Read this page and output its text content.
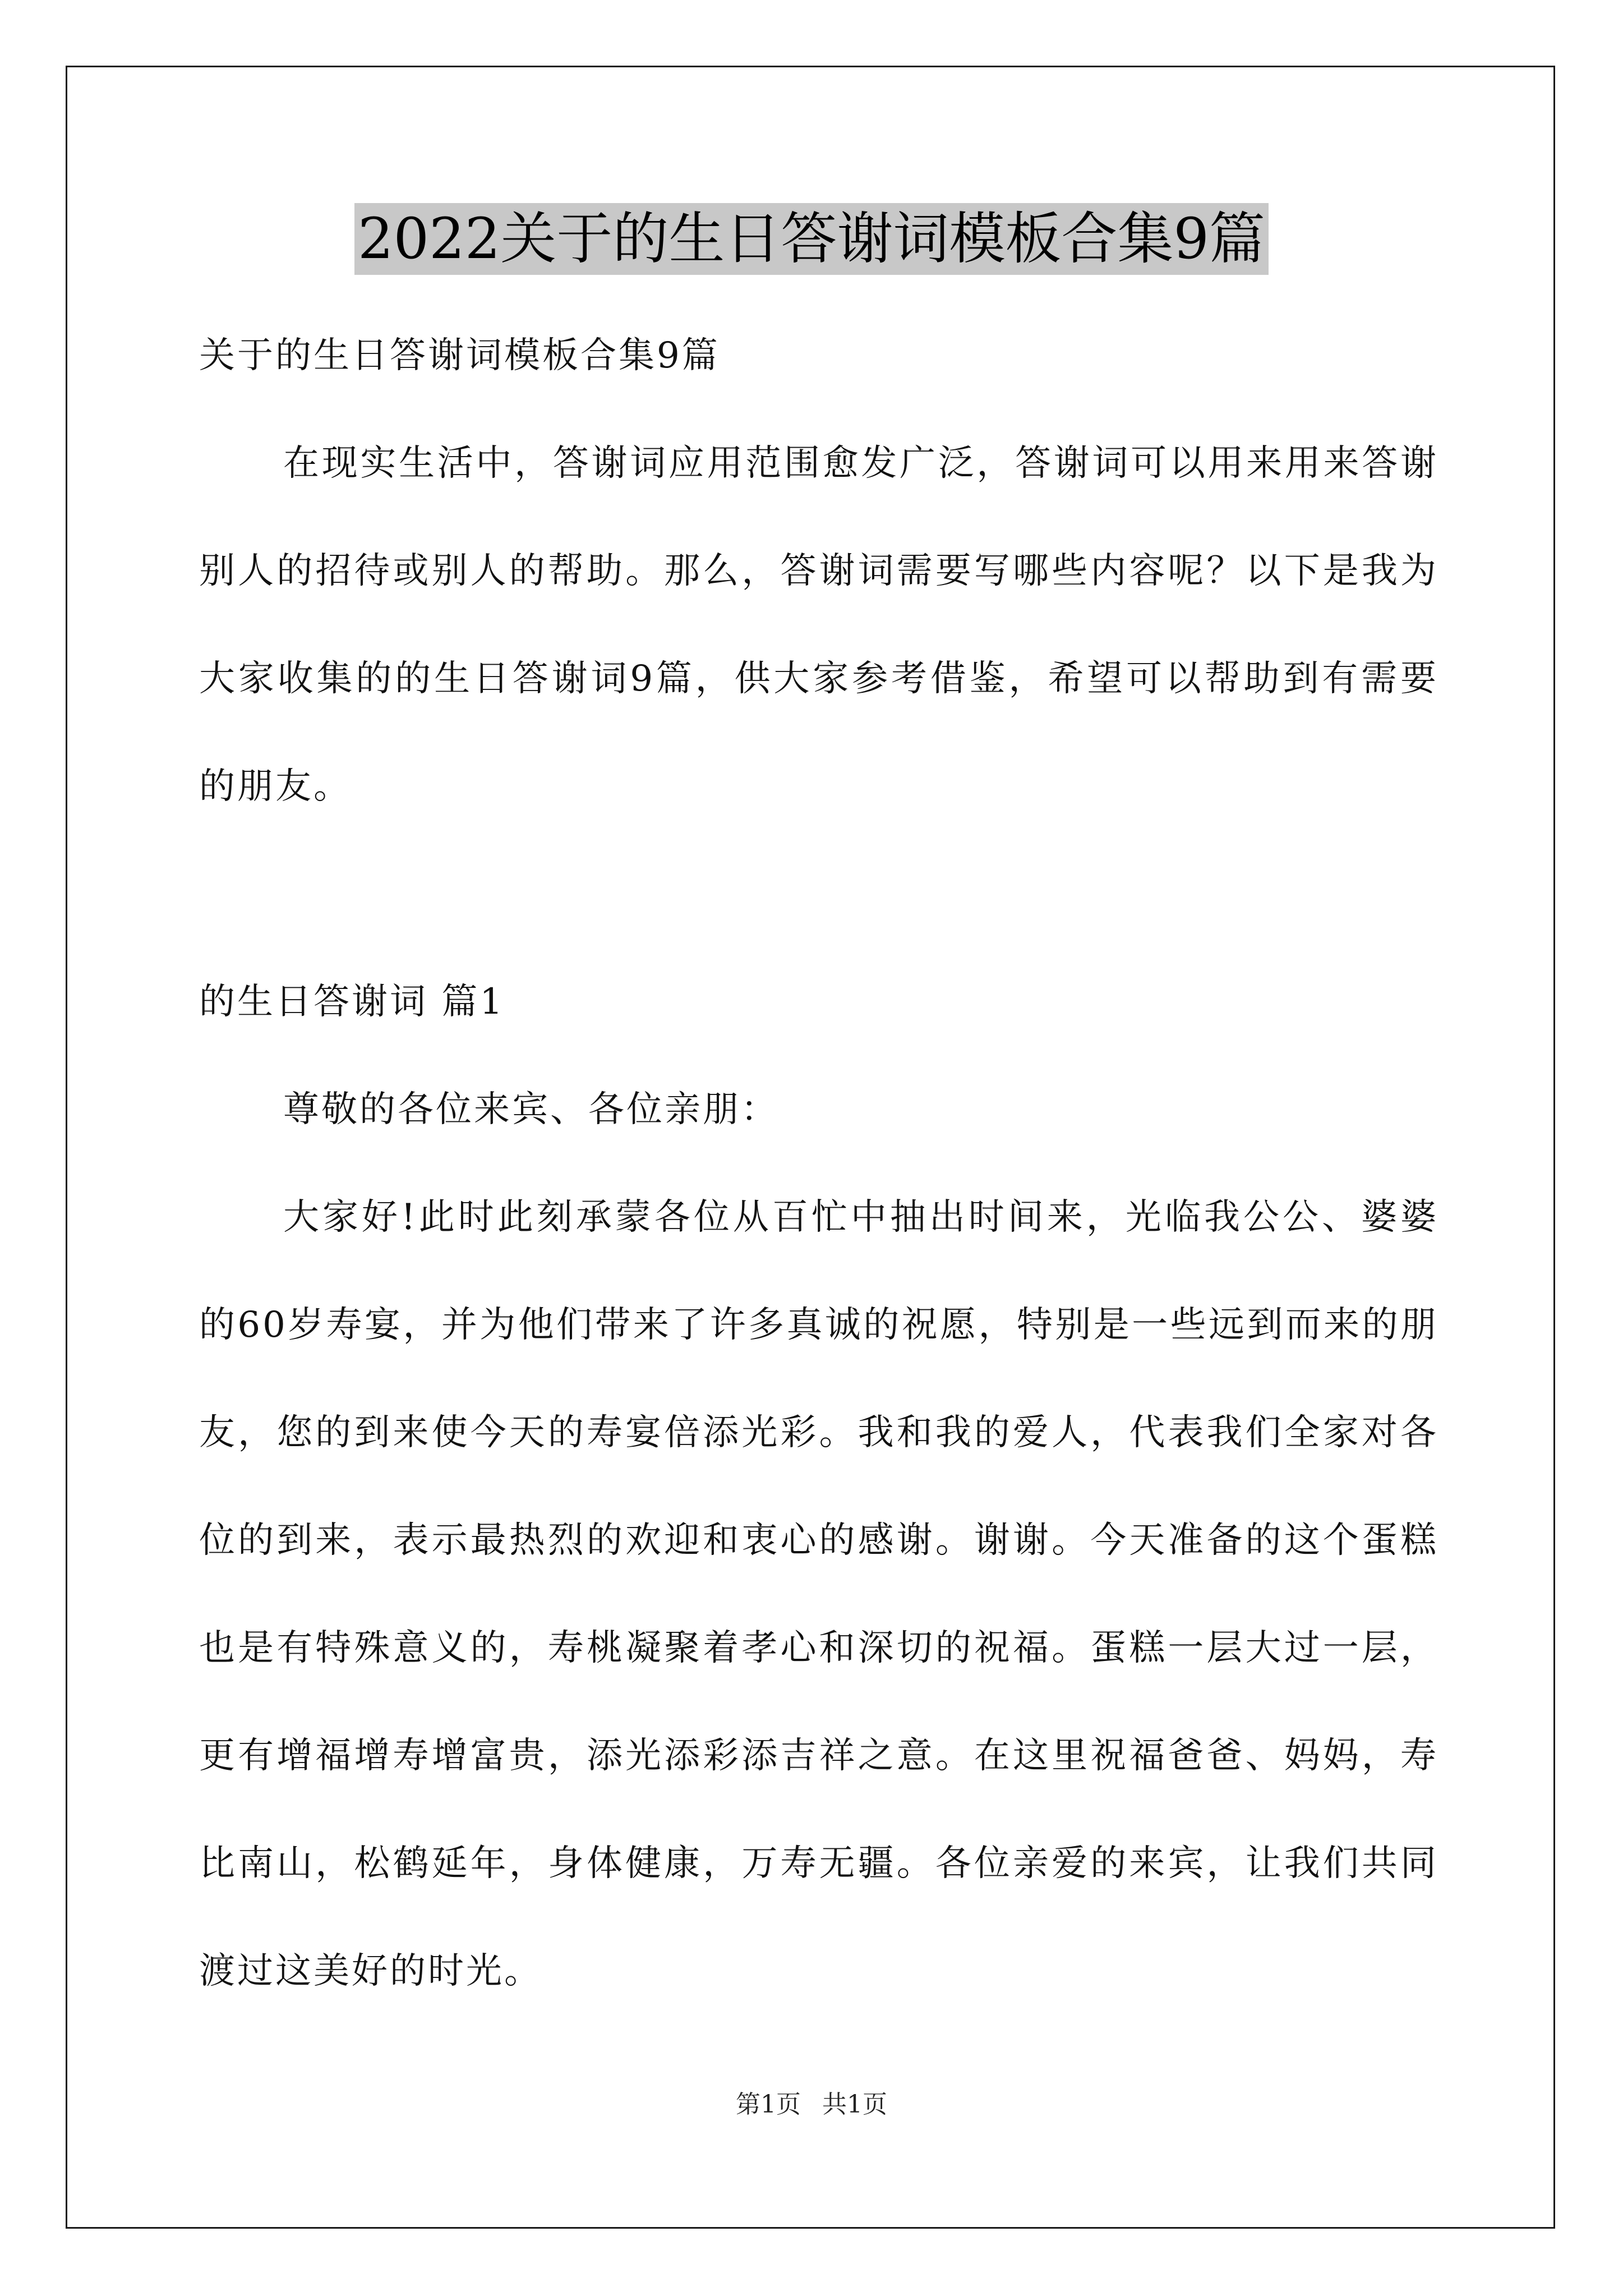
2022关于的生日答谢词模板合集9篇

关于的生日答谢词模板合集9篇

在现实生活中，答谢词应用范围愈发广泛，答谢词可以用来用来答谢别人的招待或别人的帮助。那么，答谢词需要写哪些内容呢？以下是我为大家收集的的生日答谢词9篇，供大家参考借鉴，希望可以帮助到有需要的朋友。

的生日答谢词 篇1

尊敬的各位来宾、各位亲朋：

大家好!此时此刻承蒙各位从百忙中抽出时间来，光临我公公、婆婆的60岁寿宴，并为他们带来了许多真诚的祝愿，特别是一些远到而来的朋友，您的到来使今天的寿宴倍添光彩。我和我的爱人，代表我们全家对各位的到来，表示最热烈的欢迎和衷心的感谢。谢谢。今天准备的这个蛋糕也是有特殊意义的，寿桃凝聚着孝心和深切的祝福。蛋糕一层大过一层，更有增福增寿增富贵，添光添彩添吉祥之意。在这里祝福爸爸、妈妈，寿比南山，松鹤延年，身体健康，万寿无疆。各位亲爱的来宾，让我们共同渡过这美好的时光。

第1页 共1页
